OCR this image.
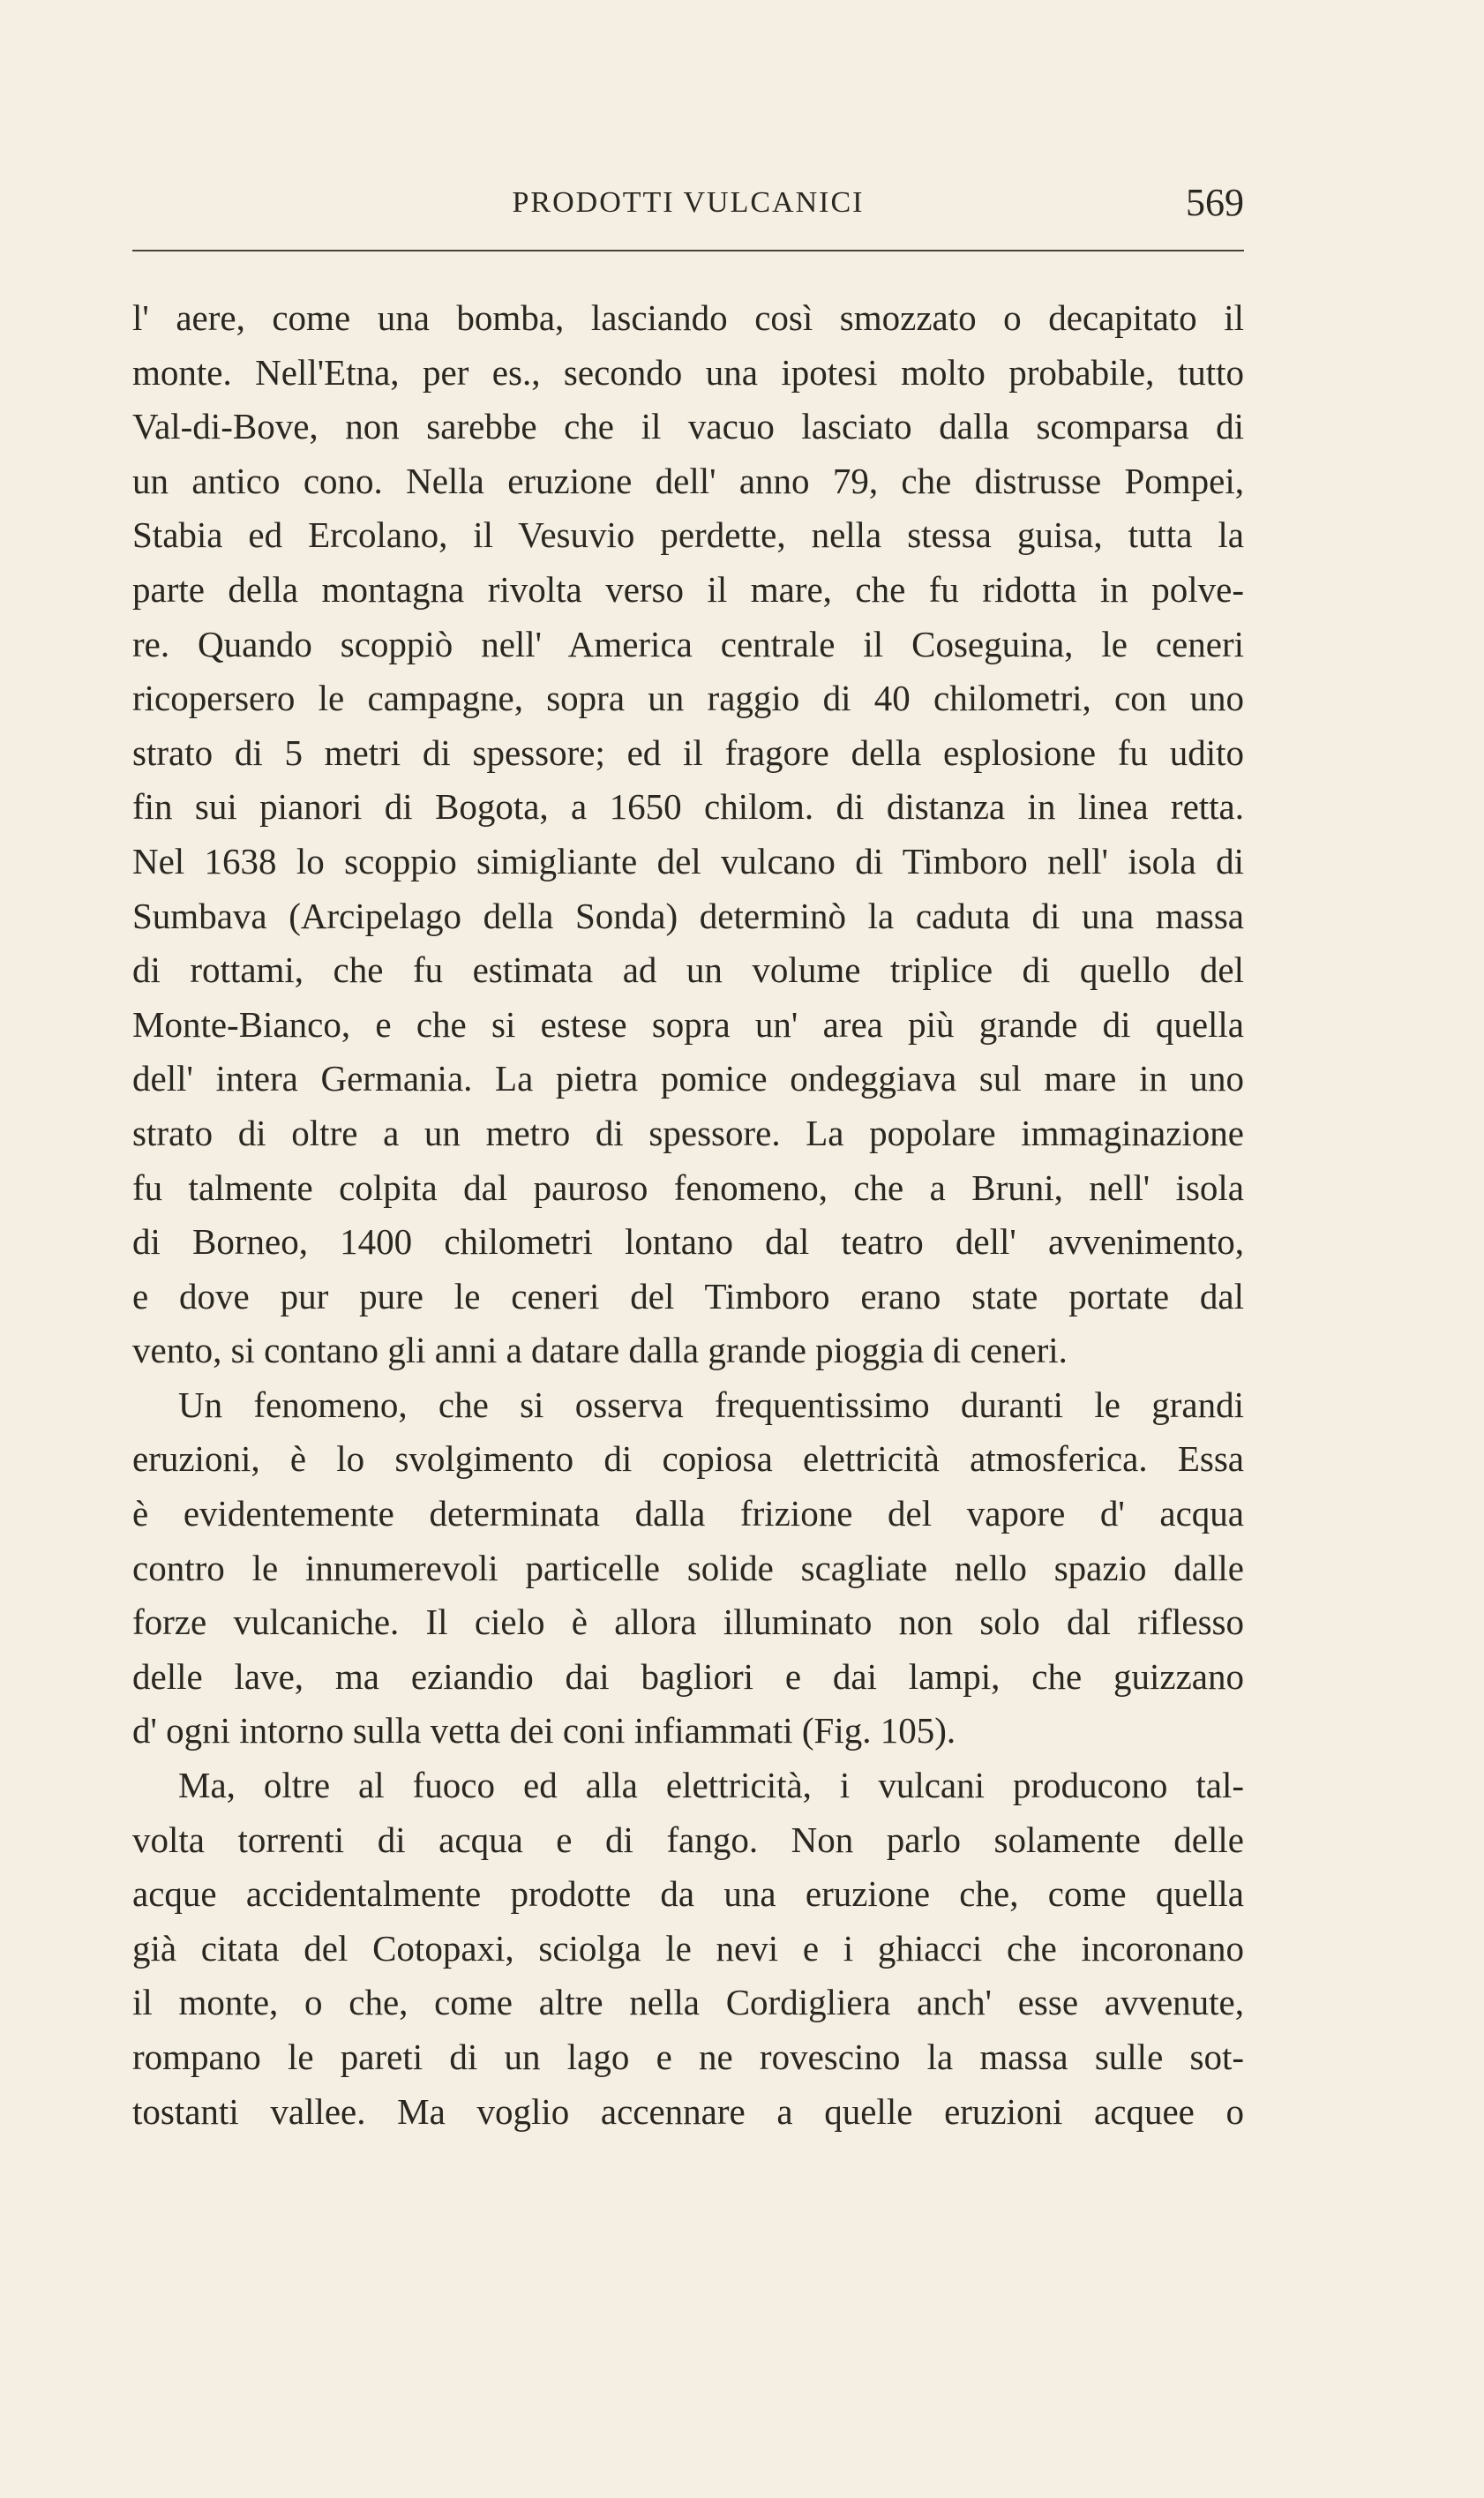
PRODOTTI VULCANICI	569
l' aere, come una bomba, lasciando così smozzato o decapitato il
monte. Nell'Etna, per es., secondo una ipotesi molto probabile, tutto
Val-di-Bove, non sarebbe che il vacuo lasciato dalla scomparsa di
un antico cono. Nella eruzione dell' anno 79, che distrusse Pompei,
Stabia ed Ercolano, il Vesuvio perdette, nella stessa guisa, tutta la
parte della montagna rivolta verso il mare, che fu ridotta in polve-
re. Quando scoppiò nell' America centrale il Coseguina, le ceneri
ricopersero le campagne, sopra un raggio di 40 chilometri, con uno
strato di 5 metri di spessore; ed il fragore della esplosione fu udito
fin sui pianori di Bogota, a 1650 chilom. di distanza in linea retta.
Nel 1638 lo scoppio simigliante del vulcano di Timboro nell' isola di
Sumbava (Arcipelago della Sonda) determinò la caduta di una massa
di rottami, che fu estimata ad un volume triplice di quello del
Monte-Bianco, e che si estese sopra un' area più grande di quella
dell' intera Germania. La pietra pomice ondeggiava sul mare in uno
strato di oltre a un metro di spessore. La popolare immaginazione
fu talmente colpita dal pauroso fenomeno, che a Bruni, nell' isola
di Borneo, 1400 chilometri lontano dal teatro dell' avvenimento,
e dove pur pure le ceneri del Timboro erano state portate dal
vento, si contano gli anni a datare dalla grande pioggia di ceneri.
Un fenomeno, che si osserva frequentissimo duranti le grandi
eruzioni, è lo svolgimento di copiosa elettricità atmosferica. Essa
è evidentemente determinata dalla frizione del vapore d' acqua
contro le innumerevoli particelle solide scagliate nello spazio dalle
forze vulcaniche. Il cielo è allora illuminato non solo dal riflesso
delle lave, ma eziandio dai bagliori e dai lampi, che guizzano
d' ogni intorno sulla vetta dei coni infiammati (Fig. 105).
Ma, oltre al fuoco ed alla elettricità, i vulcani producono tal-
volta torrenti di acqua e di fango. Non parlo solamente delle
acque accidentalmente prodotte da una eruzione che, come quella
già citata del Cotopaxi, sciolga le nevi e i ghiacci che incoronano
il monte, o che, come altre nella Cordigliera anch' esse avvenute,
rompano le pareti di un lago e ne rovescino la massa sulle sot-
tostanti vallee. Ma voglio accennare a quelle eruzioni acquee o
